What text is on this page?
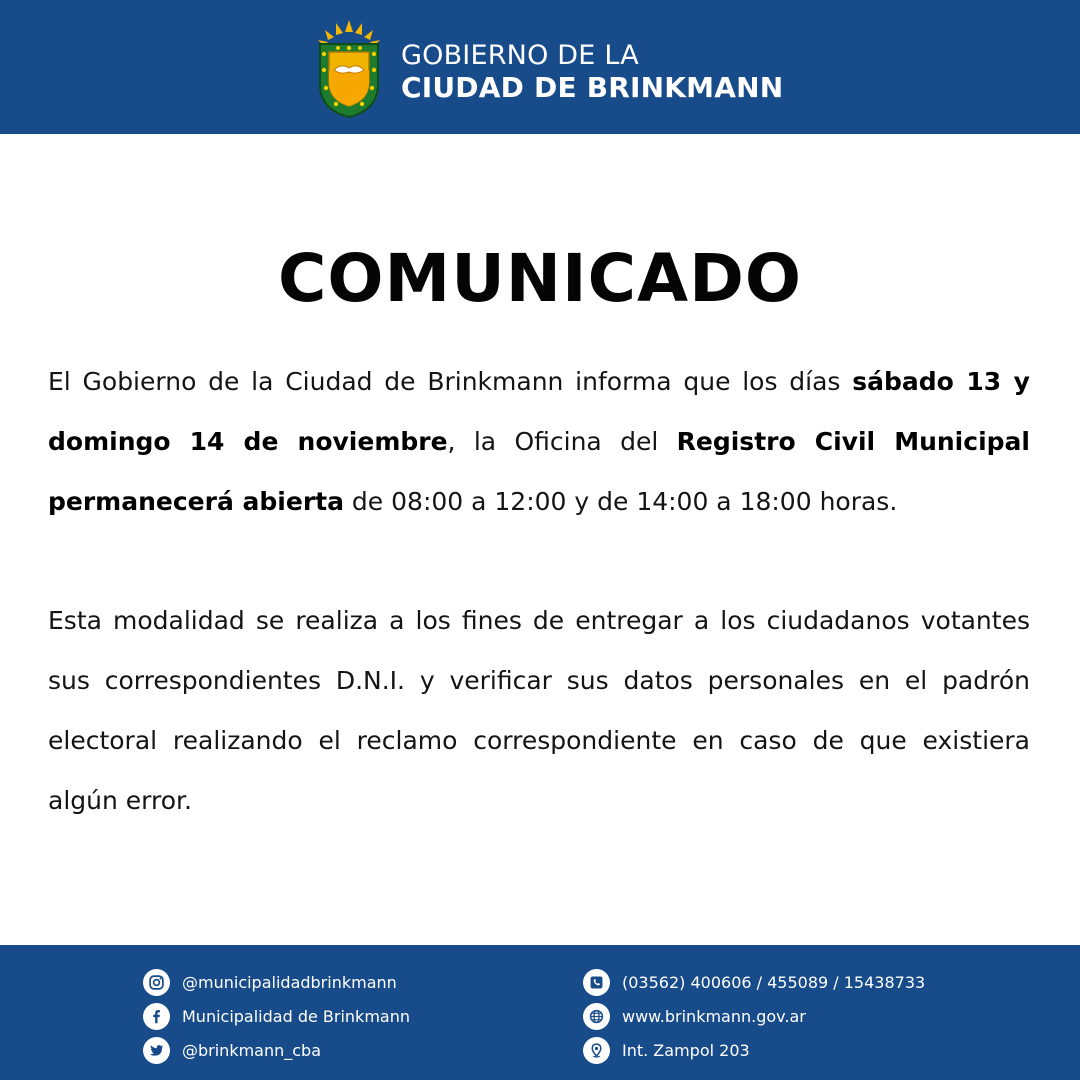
GOBIERNO DE LA
CIUDAD DE BRINKMANN
COMUNICADO

El Gobierno de la Ciudad de Brinkmann informa que los días sábado 13 y domingo 14 de noviembre, la Oficina del Registro Civil Municipal permanecerá abierta de 08:00 a 12:00 y de 14:00 a 18:00 horas.

Esta modalidad se realiza a los fines de entregar a los ciudadanos votantes sus correspondientes D.N.I. y verificar sus datos personales en el padrón electoral realizando el reclamo correspondiente en caso de que existiera algún error.

@municipalidadbrinkmann
Municipalidad de Brinkmann
@brinkmann_cba
(03562) 400606 / 455089 / 15438733
www.brinkmann.gov.ar
Int. Zampol 203
